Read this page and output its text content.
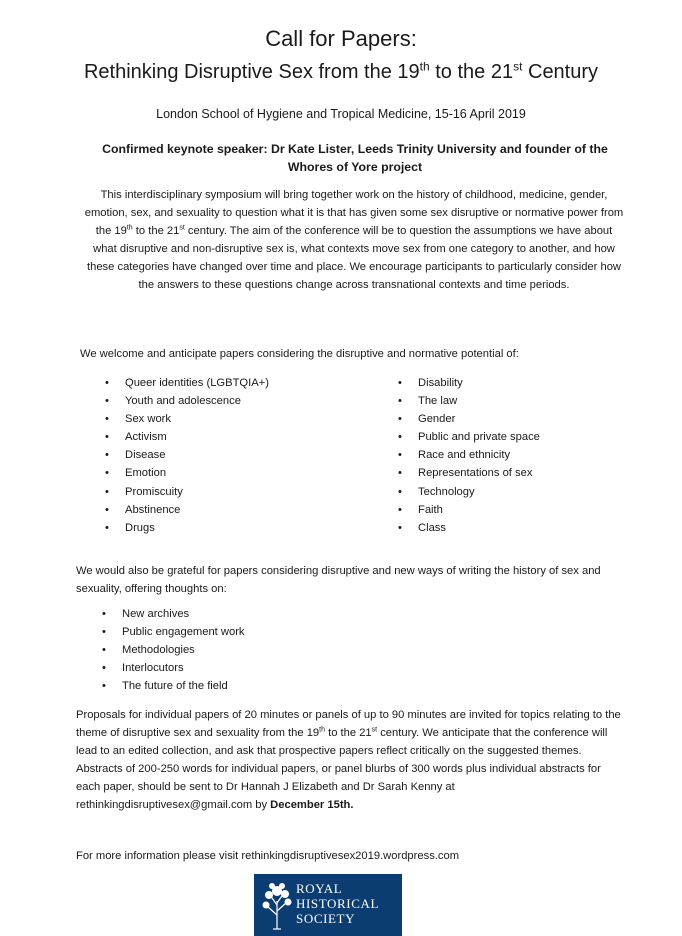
Call for Papers:
Rethinking Disruptive Sex from the 19th to the 21st Century
London School of Hygiene and Tropical Medicine, 15-16 April 2019
Confirmed keynote speaker: Dr Kate Lister, Leeds Trinity University and founder of the Whores of Yore project
This interdisciplinary symposium will bring together work on the history of childhood, medicine, gender, emotion, sex, and sexuality to question what it is that has given some sex disruptive or normative power from the 19th to the 21st century. The aim of the conference will be to question the assumptions we have about what disruptive and non-disruptive sex is, what contexts move sex from one category to another, and how these categories have changed over time and place. We encourage participants to particularly consider how the answers to these questions change across transnational contexts and time periods.
We welcome and anticipate papers considering the disruptive and normative potential of:
• Queer identities (LGBTQIA+)
• Youth and adolescence
• Sex work
• Activism
• Disease
• Emotion
• Promiscuity
• Abstinence
• Drugs
• Disability
• The law
• Gender
• Public and private space
• Race and ethnicity
• Representations of sex
• Technology
• Faith
• Class
We would also be grateful for papers considering disruptive and new ways of writing the history of sex and sexuality, offering thoughts on:
• New archives
• Public engagement work
• Methodologies
• Interlocutors
• The future of the field
Proposals for individual papers of 20 minutes or panels of up to 90 minutes are invited for topics relating to the theme of disruptive sex and sexuality from the 19th to the 21st century. We anticipate that the conference will lead to an edited collection, and ask that prospective papers reflect critically on the suggested themes. Abstracts of 200-250 words for individual papers, or panel blurbs of 300 words plus individual abstracts for each paper, should be sent to Dr Hannah J Elizabeth and Dr Sarah Kenny at rethinkingdisruptivesex@gmail.com by December 15th.
For more information please visit rethinkingdisruptivesex2019.wordpress.com
ROYAL
HISTORICAL
SOCIETY
